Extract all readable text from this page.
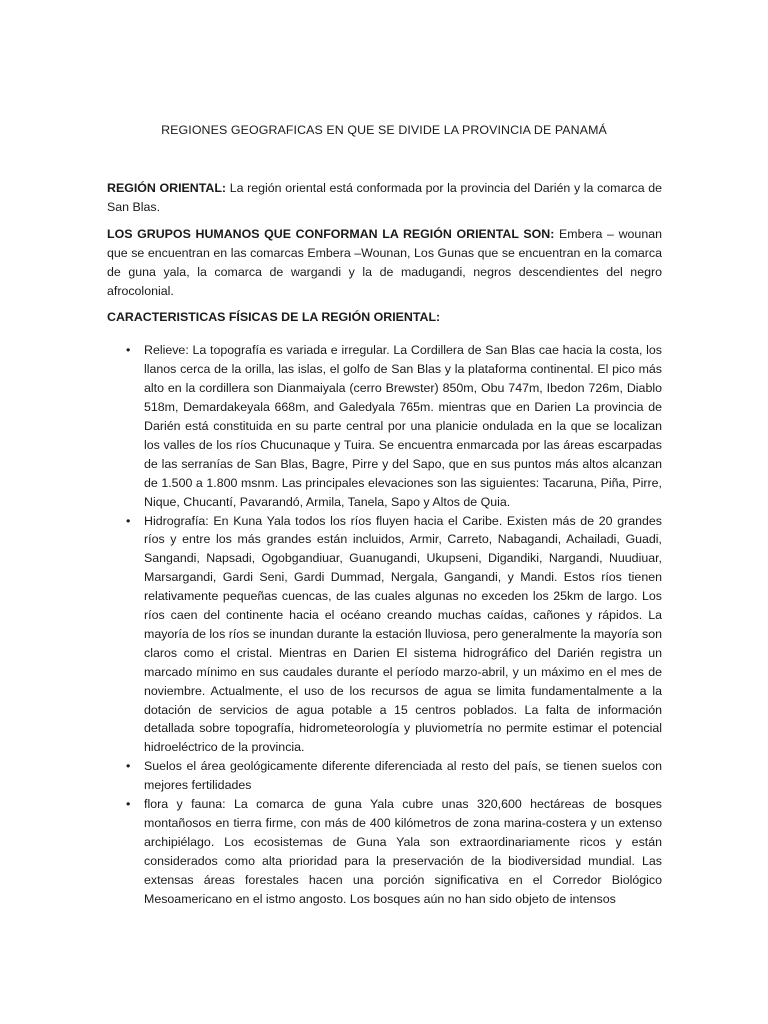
REGIONES GEOGRAFICAS EN QUE SE DIVIDE LA PROVINCIA DE PANAMÁ

REGIÓN ORIENTAL: La región oriental está conformada por la provincia del Darién y la comarca de San Blas.

LOS GRUPOS HUMANOS QUE CONFORMAN LA REGIÓN ORIENTAL SON: Embera – wounan que se encuentran en las comarcas Embera –Wounan, Los Gunas que se encuentran en la comarca de guna yala, la comarca de wargandi y la de madugandi, negros descendientes del negro afrocolonial.

CARACTERISTICAS FÍSICAS DE LA REGIÓN ORIENTAL:
• Relieve: La topografía es variada e irregular. La Cordillera de San Blas cae hacia la costa, los llanos cerca de la orilla, las islas, el golfo de San Blas y la plataforma continental. El pico más alto en la cordillera son Dianmaiyala (cerro Brewster) 850m, Obu 747m, Ibedon 726m, Diablo 518m, Demardakeyala 668m, and Galedyala 765m. mientras que en Darien La provincia de Darién está constituida en su parte central por una planicie ondulada en la que se localizan los valles de los ríos Chucunaque y Tuira. Se encuentra enmarcada por las áreas escarpadas de las serranías de San Blas, Bagre, Pirre y del Sapo, que en sus puntos más altos alcanzan de 1.500 a 1.800 msnm. Las principales elevaciones son las siguientes: Tacaruna, Piña, Pirre, Nique, Chucantí, Pavarandó, Armila, Tanela, Sapo y Altos de Quia.
• Hidrografía: En Kuna Yala todos los ríos fluyen hacia el Caribe. Existen más de 20 grandes ríos y entre los más grandes están incluidos, Armir, Carreto, Nabagandi, Achailadi, Guadi, Sangandi, Napsadi, Ogobgandiuar, Guanugandi, Ukupseni, Digandiki, Nargandi, Nuudiuar, Marsargandi, Gardi Seni, Gardi Dummad, Nergala, Gangandi, y Mandi. Estos ríos tienen relativamente pequeñas cuencas, de las cuales algunas no exceden los 25km de largo. Los ríos caen del continente hacia el océano creando muchas caídas, cañones y rápidos. La mayoría de los ríos se inundan durante la estación lluviosa, pero generalmente la mayoría son claros como el cristal. Mientras en Darien El sistema hidrográfico del Darién registra un marcado mínimo en sus caudales durante el período marzo-abril, y un máximo en el mes de noviembre. Actualmente, el uso de los recursos de agua se limita fundamentalmente a la dotación de servicios de agua potable a 15 centros poblados. La falta de información detallada sobre topografía, hidrometeorología y pluviometría no permite estimar el potencial hidroeléctrico de la provincia.
• Suelos el área geológicamente diferente diferenciada al resto del país, se tienen suelos con mejores fertilidades
• flora y fauna: La comarca de guna Yala cubre unas 320,600 hectáreas de bosques montañosos en tierra firme, con más de 400 kilómetros de zona marina-costera y un extenso archipiélago. Los ecosistemas de Guna Yala son extraordinariamente ricos y están considerados como alta prioridad para la preservación de la biodiversidad mundial. Las extensas áreas forestales hacen una porción significativa en el Corredor Biológico Mesoamericano en el istmo angosto. Los bosques aún no han sido objeto de intensos
